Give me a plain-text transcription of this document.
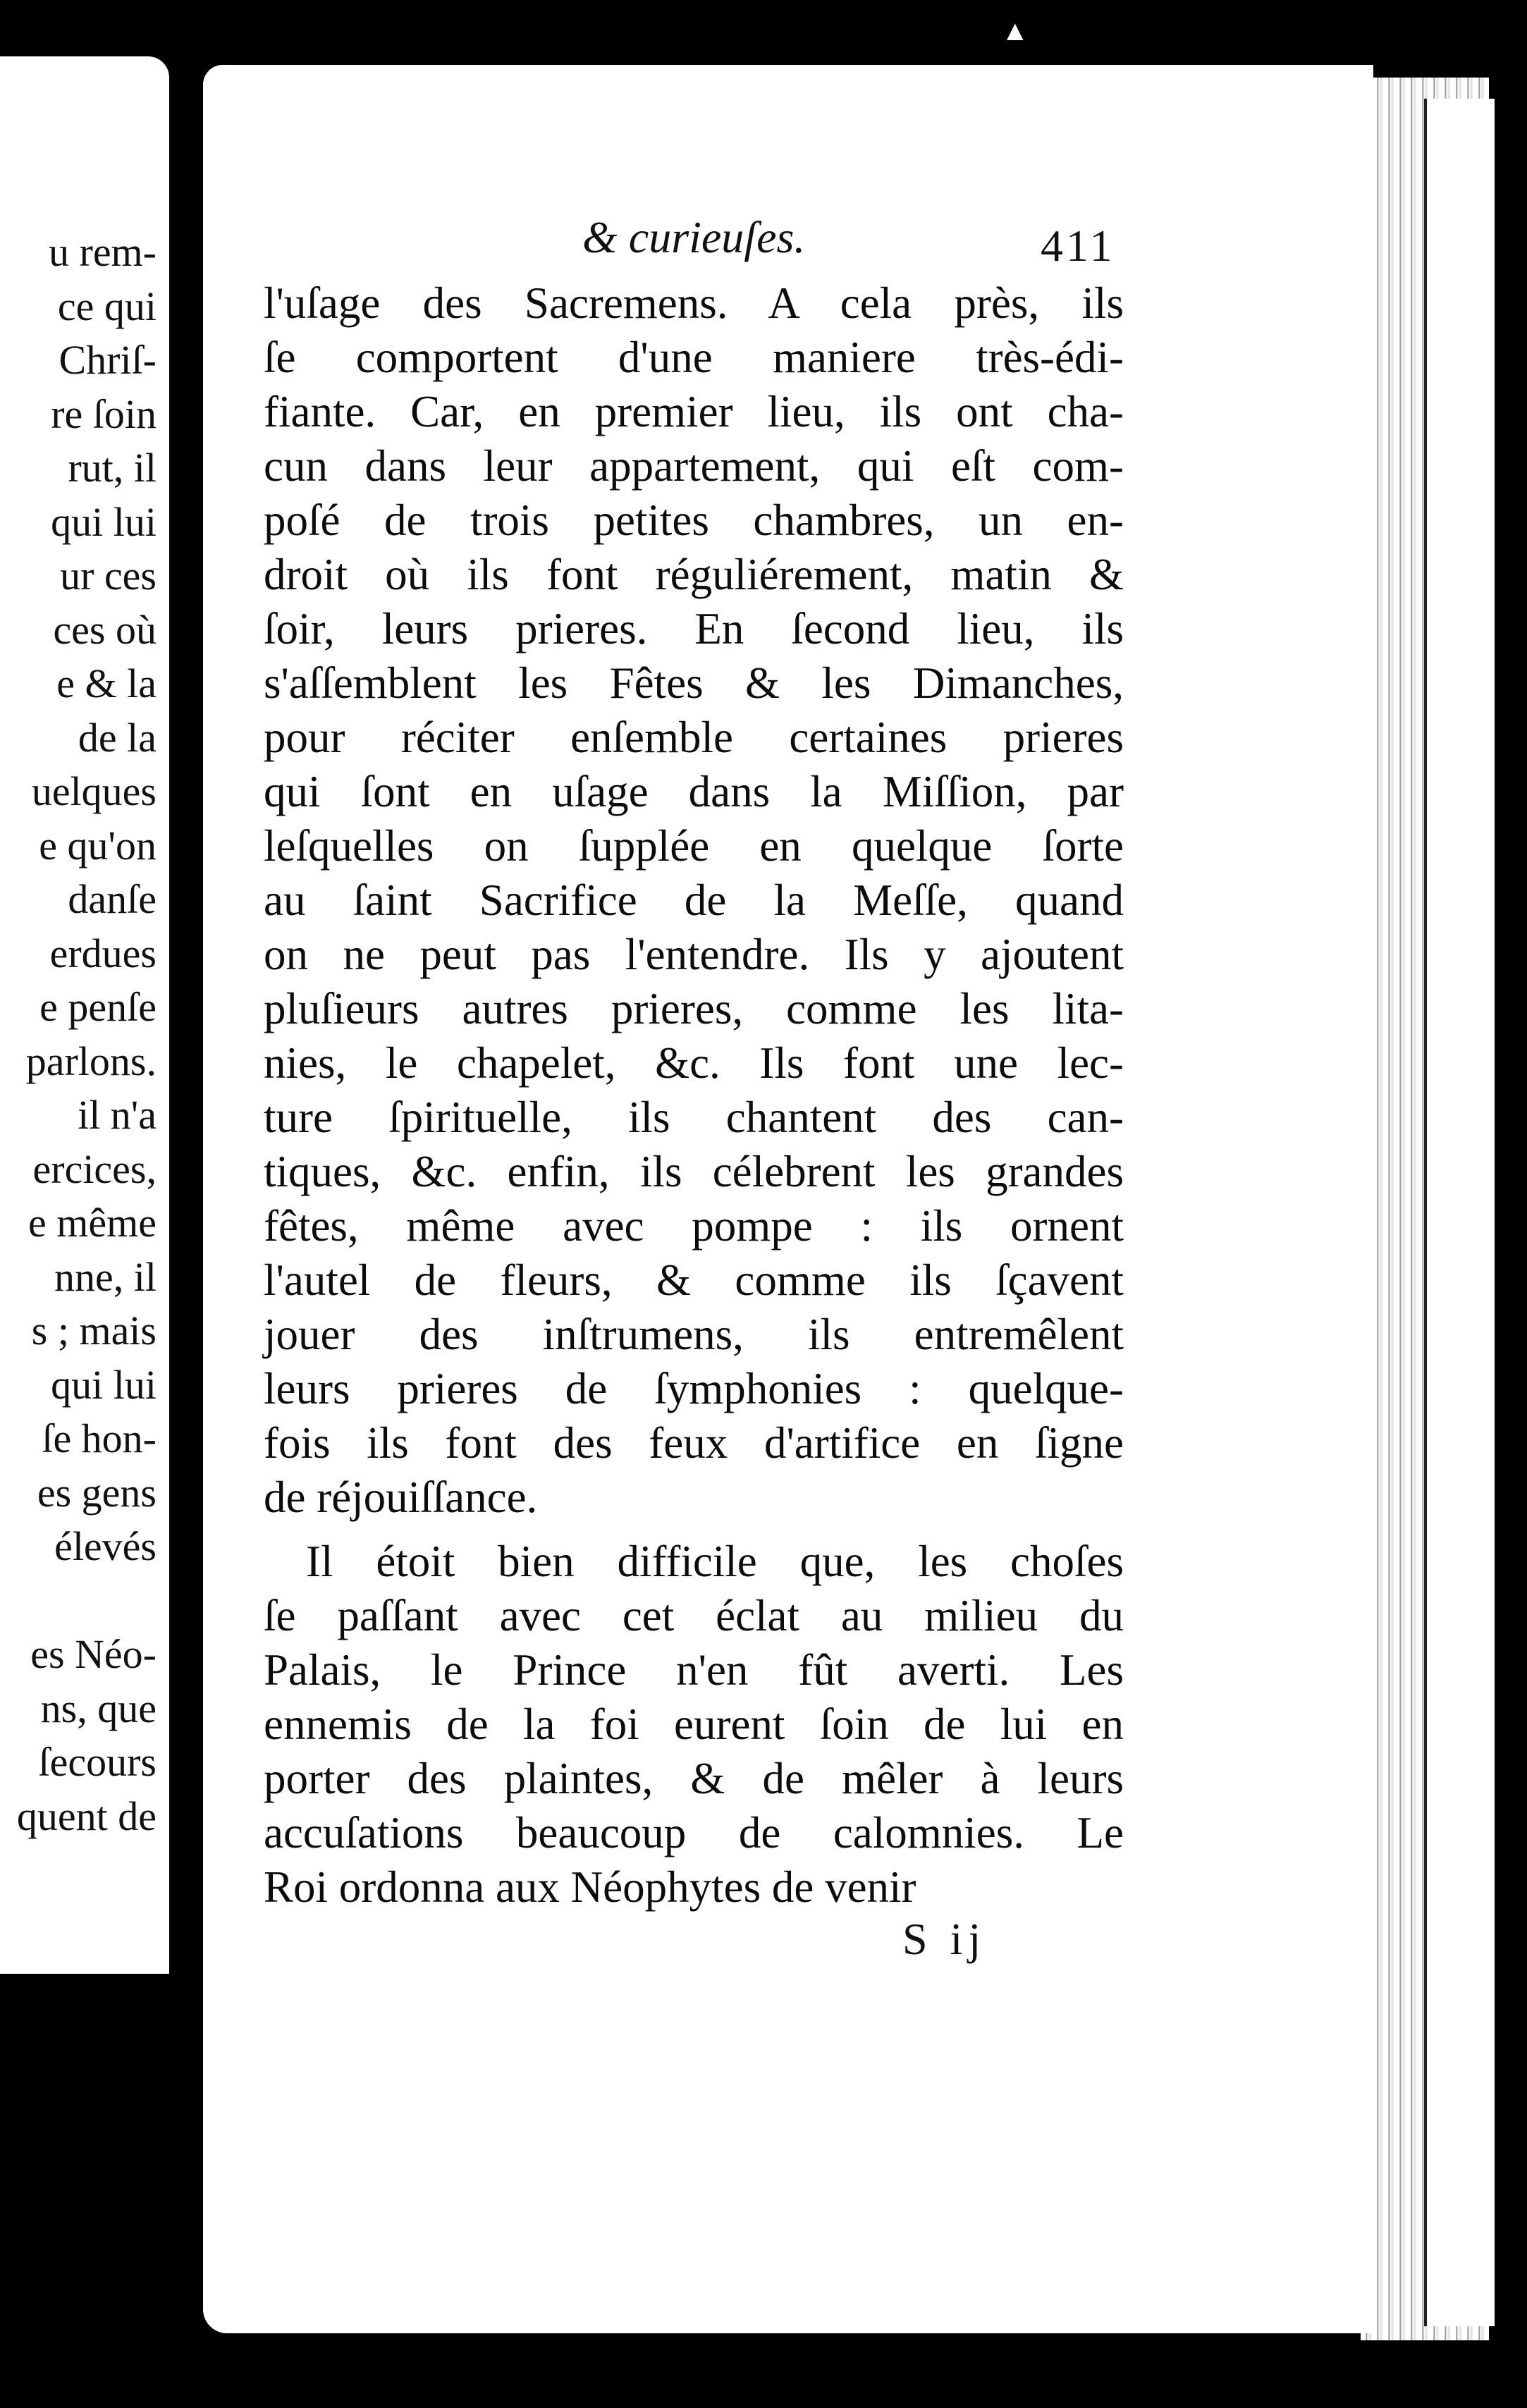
u rem-
ce qui
Chriſ-
re ſoin
rut, il
qui lui
ur ces
ces où
e & la
de la
uelques
e qu'on
danſe
erdues
e penſe
parlons.
il n'a
ercices,
e même
nne, il
s ; mais
qui lui
ſe hon-
es gens
élevés
es Néo-
ns, que
ſecours
quent de
& curieuſes.	411
l'uſage des Sacremens. A cela près, ils
ſe comportent d'une maniere très-édi-
fiante. Car, en premier lieu, ils ont cha-
cun dans leur appartement, qui eſt com-
poſé de trois petites chambres, un en-
droit où ils font réguliérement, matin &
ſoir, leurs prieres. En ſecond lieu, ils
s'aſſemblent les Fêtes & les Dimanches,
pour réciter enſemble certaines prieres
qui ſont en uſage dans la Miſſion, par
leſquelles on ſupplée en quelque ſorte
au ſaint Sacrifice de la Meſſe, quand
on ne peut pas l'entendre. Ils y ajoutent
pluſieurs autres prieres, comme les lita-
nies, le chapelet, &c. Ils font une lec-
ture ſpirituelle, ils chantent des can-
tiques, &c. enfin, ils célebrent les grandes
fêtes, même avec pompe : ils ornent
l'autel de fleurs, & comme ils ſçavent
jouer des inſtrumens, ils entremêlent
leurs prieres de ſymphonies : quelque-
fois ils font des feux d'artifice en ſigne
de réjouiſſance.
Il étoit bien difficile que, les choſes
ſe paſſant avec cet éclat au milieu du
Palais, le Prince n'en fût averti. Les
ennemis de la foi eurent ſoin de lui en
porter des plaintes, & de mêler à leurs
accuſations beaucoup de calomnies. Le
Roi ordonna aux Néophytes de venir
S ij
▲
✱
